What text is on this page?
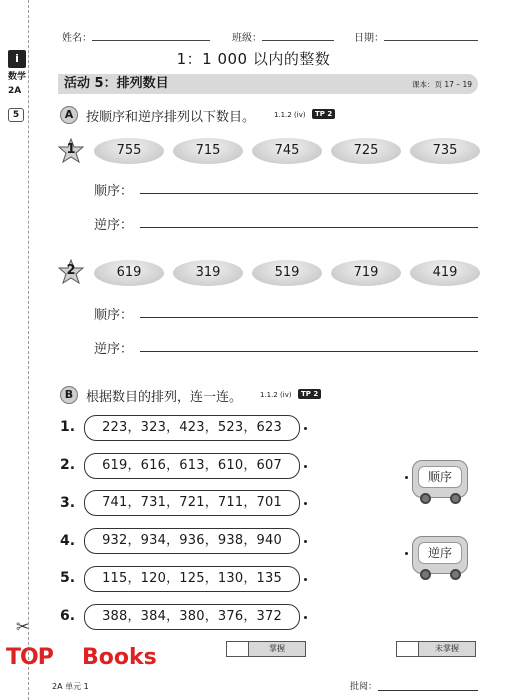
i
数学
2A
5
姓名：	班级：	日期：
1：1 000 以内的整数
活动 5：排列数目	课本：页 17 – 19
A 按顺序和逆序排列以下数目。	1.1.2 (iv)	TP 2
1	755	715	745	725	735
顺序：
逆序：
2	619	319	519	719	419
顺序：
逆序：
B 根据数目的排列，连一连。	1.1.2 (iv)	TP 2
1.	223，323，423，523，623
2.	619，616，613，610，607
3.	741，731，721，711，701
4.	932，934，936，938，940
5.	115，120，125，130，135
6.	388，384，380，376，372
顺序
逆序
掌握	未掌握
2A 单元 1	批阅：
✂
TOP Books
